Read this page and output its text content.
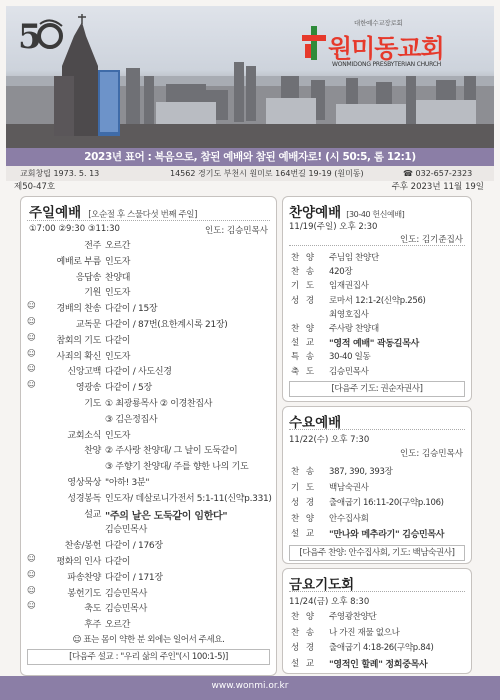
5	대한예수교장로회
원미동교회
WONMIDONG PRESBYTERIAN CHURCH
2023년 표어 : 복음으로, 참된 예배와 참된 예배자로! (시 50:5, 롬 12:1)
교회창립 1973. 5. 13	14562 경기도 부천시 원미로 164번길 19-19 (원미동)	☎ 032-657-2323
제50-47호	주후 2023년 11월 19일
주일예배 [오순절 후 스물다섯 번째 주일]
①7:00 ②9:30 ③11:30	인도: 김승민목사
전주 오르간
예배로 부름 인도자
응답송 찬양대
기원 인도자
☺	경배의 찬송 다같이 / 15장
☺	교독문 다같이 / 87번(요한계시록 21장)
☺	참회의 기도 다같이
☺	사죄의 확신 인도자
☺	신앙고백 다같이 / 사도신경
☺	영광송 다같이 / 5장
기도 ① 최광룡목사 ② 이경찬집사
③ 김은정집사
교회소식 인도자
찬양 ② 주사랑 찬양대/ 그 날이 도둑같이
③ 주향기 찬양대/ 주를 향한 나의 기도
영상묵상 "아하! 3분"
성경봉독 인도자/ 데살로니가전서 5:1-11(신약p.331)
설교 "주의 날은 도둑같이 임한다"
김승민목사
찬송/봉헌 다같이 / 176장
☺	평화의 인사 다같이
☺	파송찬양 다같이 / 171장
☺	봉헌기도 김승민목사
☺	축도 김승민목사
후주 오르간
☺ 표는 몸이 약한 분 외에는 일어서 주세요.
[다음주 설교 : "우리 삶의 주인"(시 100:1-5)]
찬양예배 [30-40 헌신예배]
11/19(주일) 오후 2:30
인도: 김기준집사
찬 양	주님임 찬양단
찬 송	420장
기 도	임재권집사
성 경	로마서 12:1-2(신약p.256)
최영호집사
찬 양	주사랑 찬양대
설 교	"영적 예배" 곽동길목사
특 송	30-40 일동
축 도	김승민목사
[다음주 기도: 권순자권사]
수요예배
11/22(수) 오후 7:30
인도: 김승민목사
찬 송	387, 390, 393장
기 도	백남숙권사
성 경	출애굽기 16:11-20(구약p.106)
찬 양	안수집사회
설 교	"만나와 메추라기" 김승민목사
[다음주 찬양: 안수집사회, 기도: 백남숙권사]
금요기도회
11/24(금) 오후 8:30
찬 양	주영광찬양단
찬 송	나 가진 재물 없으나
성 경	출애굽기 4:18-26(구약p.84)
설 교	"영적인 할례" 정희중목사
www.wonmi.or.kr
